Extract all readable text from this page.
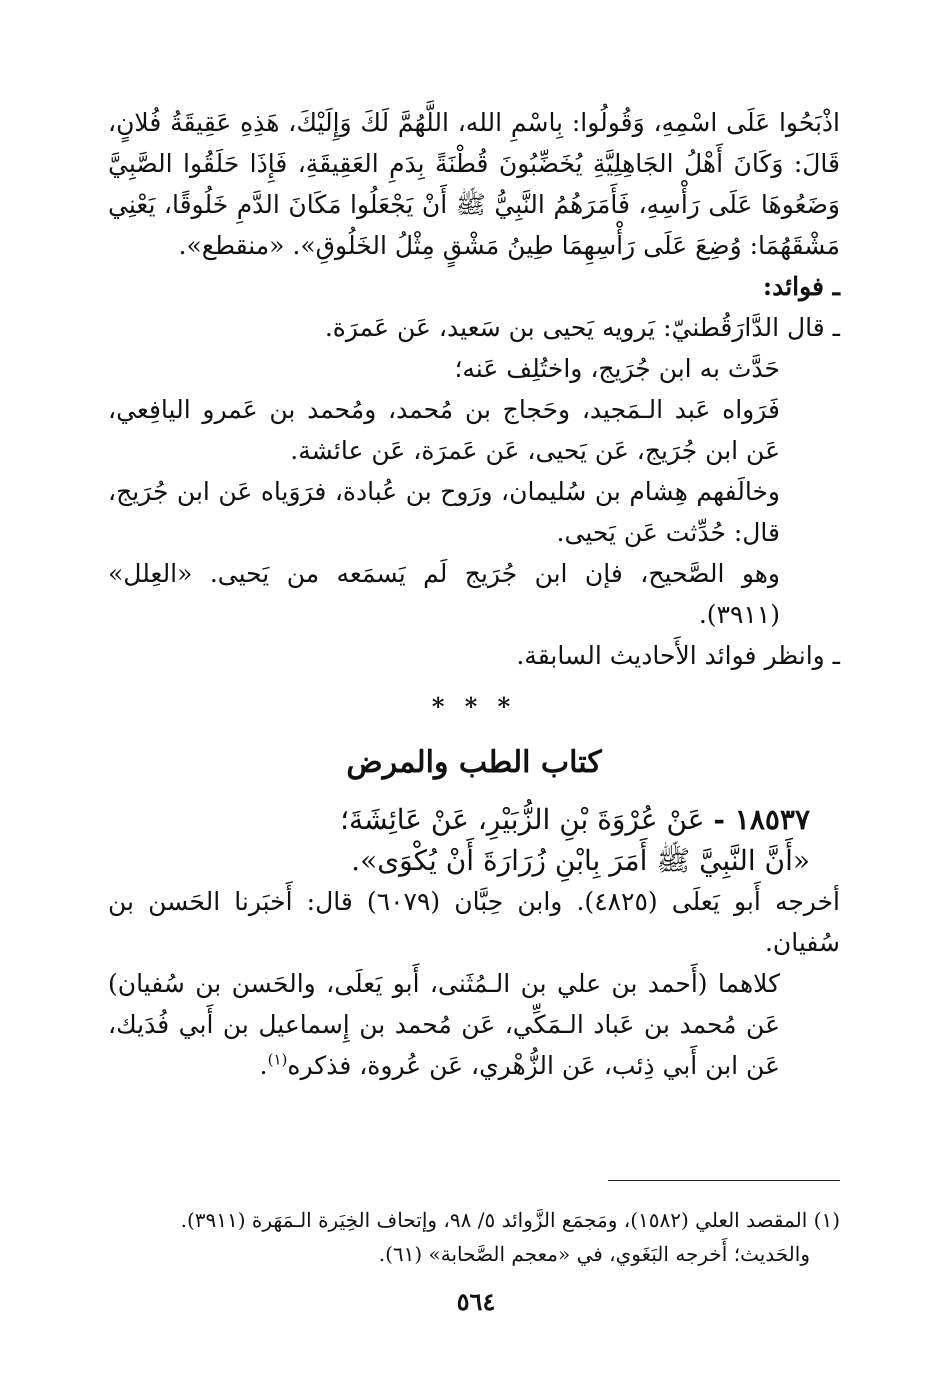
اذْبَحُوا عَلَى اسْمِهِ، وَقُولُوا: بِاسْمِ الله، اللَّهُمَّ لَكَ وَإِلَيْكَ، هَذِهِ عَقِيقَةُ فُلانٍ، قَالَ: وَكَانَ أَهْلُ الجَاهِلِيَّةِ يُخَضِّبُونَ قُطْنَةً بِدَمِ العَقِيقَةِ، فَإِذَا حَلَقُوا الصَّبِيَّ وَضَعُوهَا عَلَى رَأْسِهِ، فَأَمَرَهُمُ النَّبِيُّ ﷺ أَنْ يَجْعَلُوا مَكَانَ الدَّمِ خَلُوقًا، يَعْنِي مَشْقَهُمَا: وُضِعَ عَلَى رَأْسِهِمَا طِينُ مَشْقٍ مِثْلُ الخَلُوقِ». «منقطع».

ـ فوائد:

ـ قال الدَّارَقُطنيّ: يَرويه يَحيى بن سَعيد، عَن عَمرَة.

حَدَّث به ابن جُرَيج، واختُلِف عَنه؛

فَرَواه عَبد الـمَجيد، وحَجاج بن مُحمد، ومُحمد بن عَمرو اليافِعي، عَن ابن جُرَيج، عَن يَحيى، عَن عَمرَة، عَن عائشة.

وخالَفهم هِشام بن سُليمان، ورَوح بن عُبادة، فرَوَياه عَن ابن جُرَيج، قال: حُدِّثت عَن يَحيى.

وهو الصَّحيح، فإن ابن جُرَيج لَم يَسمَعه من يَحيى. «العِلل» (٣٩١١).

ـ وانظر فوائد الأَحاديث السابقة.

* * *

كتاب الطب والمرض

١٨٥٣٧ - عَنْ عُرْوَةَ بْنِ الزُّبَيْرِ، عَنْ عَائِشَةَ؛

«أَنَّ النَّبِيَّ ﷺ أَمَرَ بِابْنِ زُرَارَةَ أَنْ يُكْوَى».

أخرجه أَبو يَعلَى (٤٨٢٥). وابن حِبَّان (٦٠٧٩) قال: أَخبَرنا الحَسن بن سُفيان.

كلاهما (أَحمد بن علي بن الـمُثَنى، أَبو يَعلَى، والحَسن بن سُفيان) عَن مُحمد بن عَباد الـمَكِّي، عَن مُحمد بن إِسماعيل بن أَبي فُدَيك، عَن ابن أَبي ذِئب، عَن الزُّهْري، عَن عُروة، فذكره$^{(١)}$.

(١) المقصد العلي (١٥٨٢)، ومَجمَع الزَّوائد ٥/ ٩٨، وإتحاف الخِيَرة الـمَهَرة (٣٩١١).

والحَديث؛ أَخرجه البَغَوي، في «معجم الصَّحابة» (٦١).

٥٦٤
